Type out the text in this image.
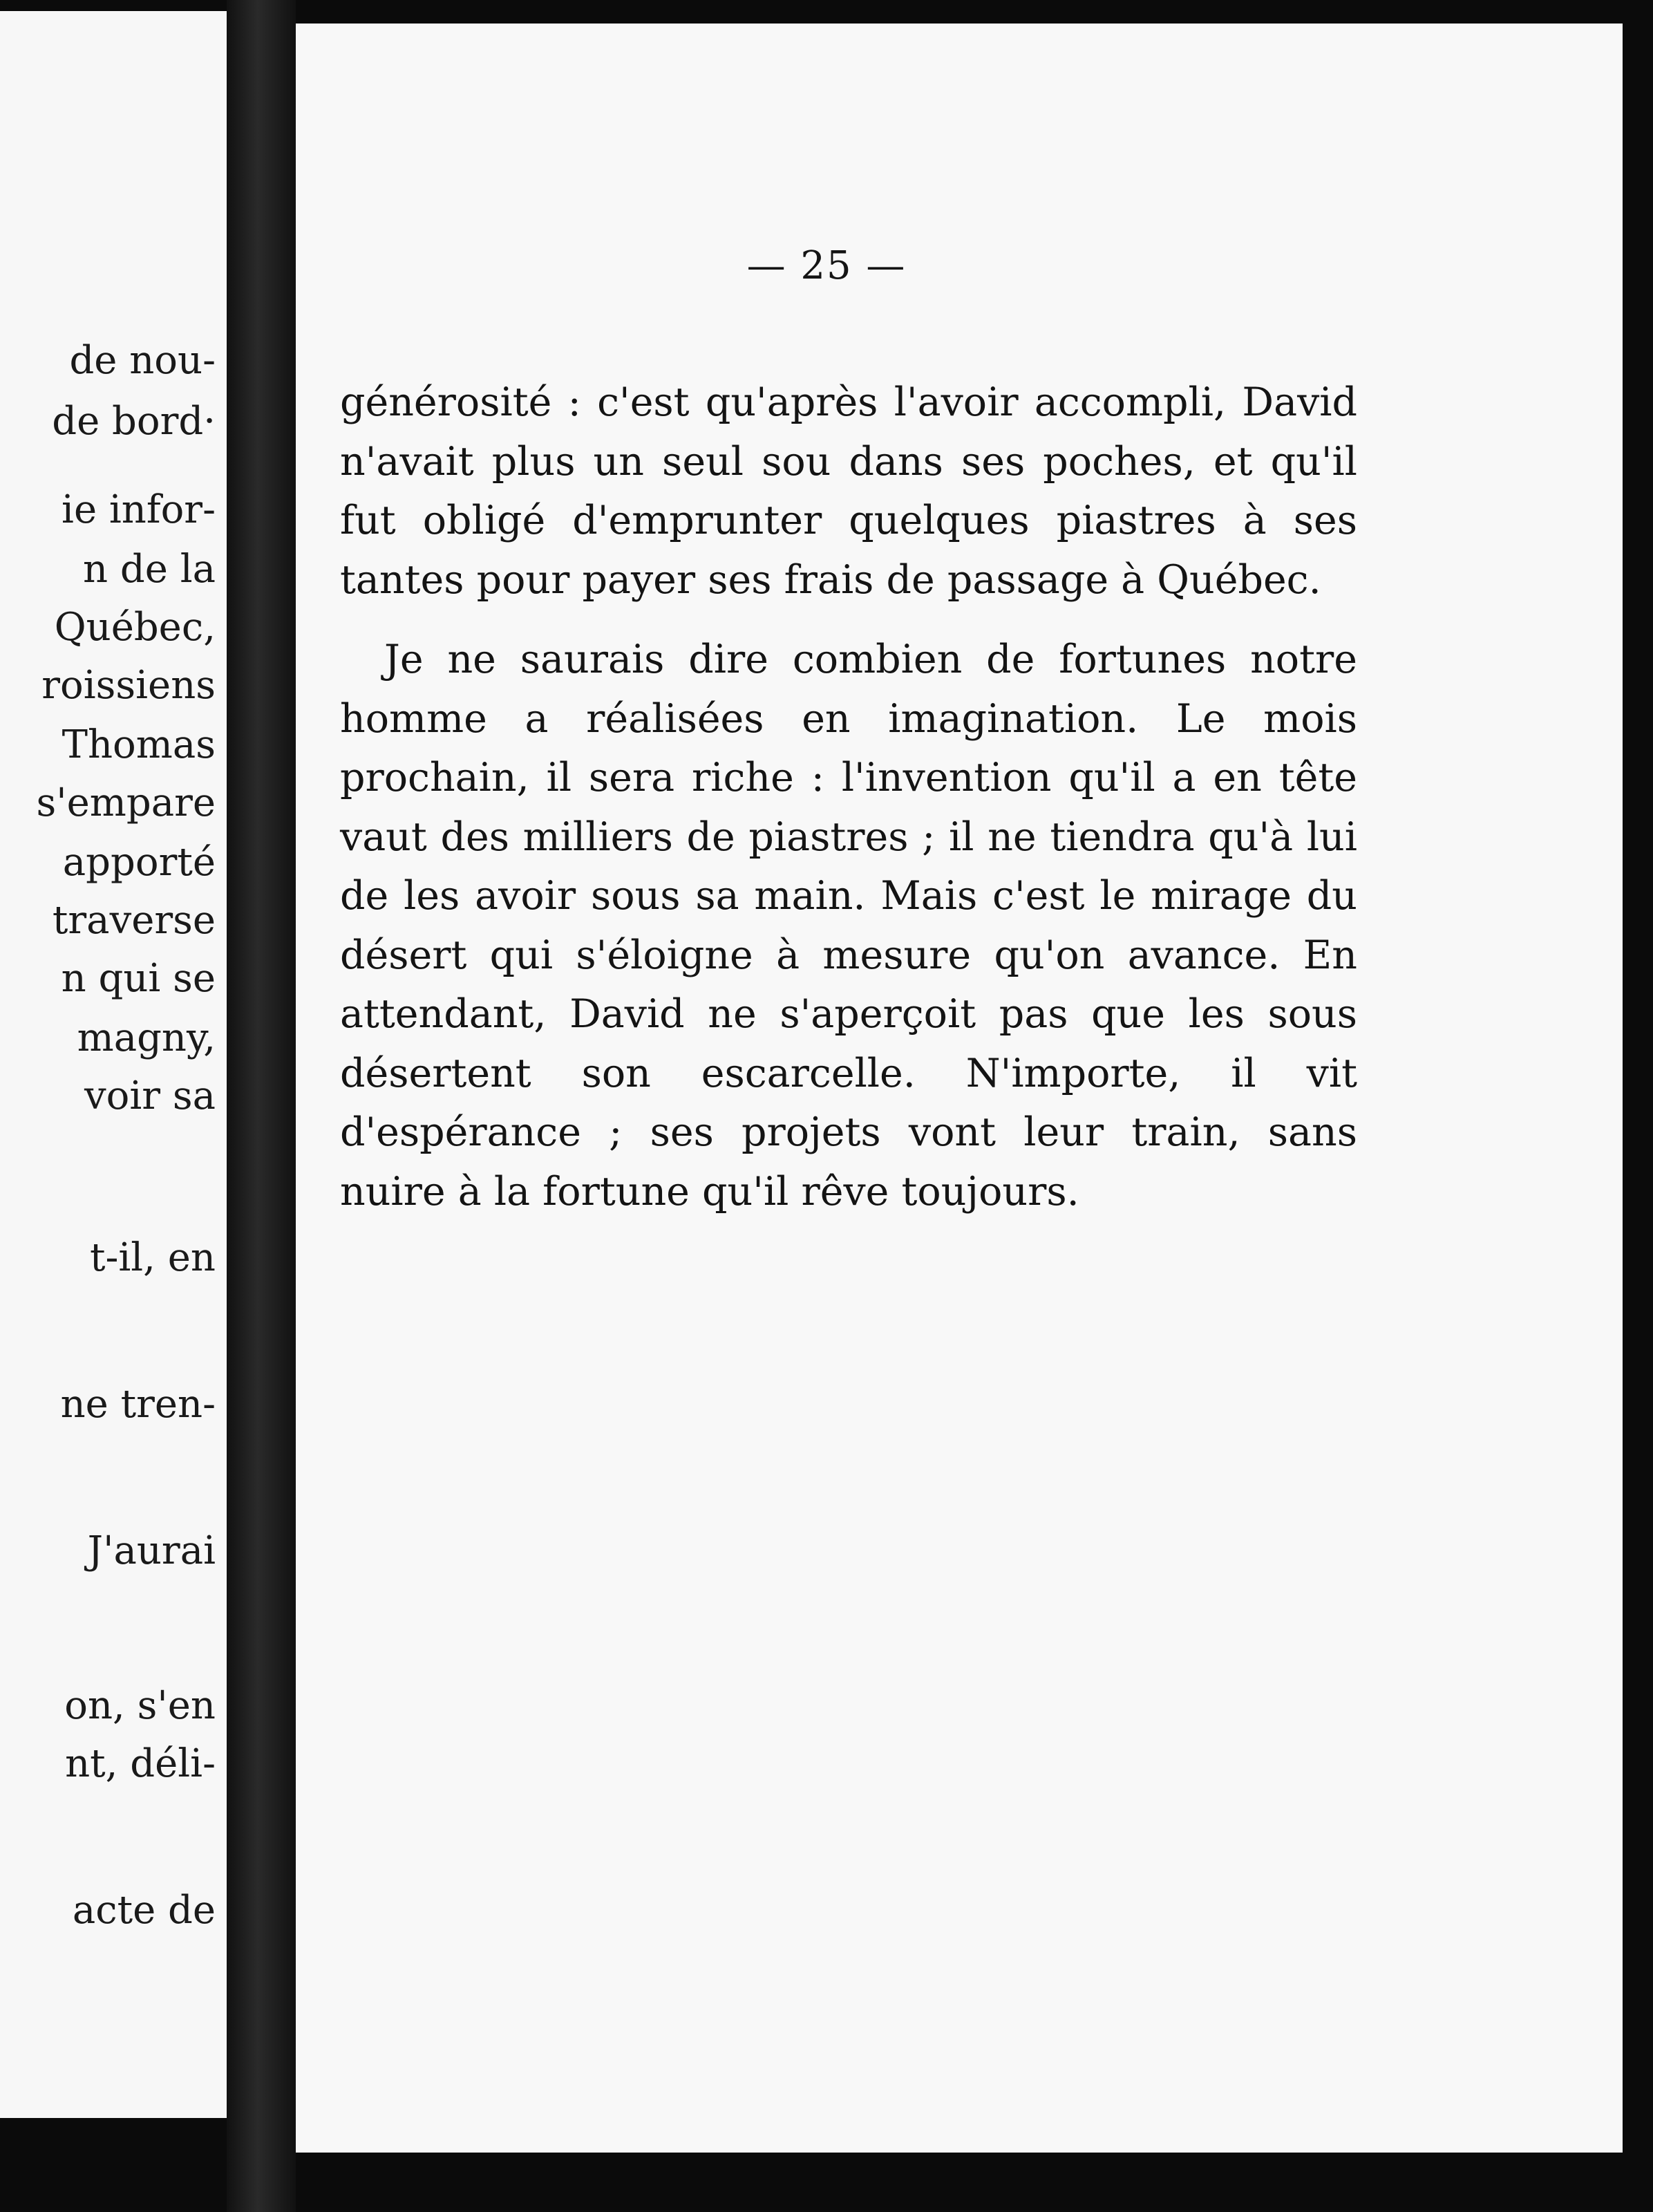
de nou-
de bord·
ie infor-
n de la
Québec,
roissiens
Thomas
s'empare
apporté
traverse
n qui se
magny,
voir sa
t-il, en
ne tren-
J'aurai
on, s'en
nt, déli-
acte de
— 25 —

générosité : c'est qu'après l'avoir accompli, David n'avait plus un seul sou dans ses poches, et qu'il fut obligé d'emprunter quelques piastres à ses tantes pour payer ses frais de passage à Québec.

Je ne saurais dire combien de fortunes notre homme a réalisées en imagination. Le mois prochain, il sera riche : l'invention qu'il a en tête vaut des milliers de piastres ; il ne tiendra qu'à lui de les avoir sous sa main. Mais c'est le mirage du désert qui s'éloigne à mesure qu'on avance. En attendant, David ne s'aperçoit pas que les sous désertent son escarcelle. N'importe, il vit d'espérance ; ses projets vont leur train, sans nuire à la fortune qu'il rêve toujours.
